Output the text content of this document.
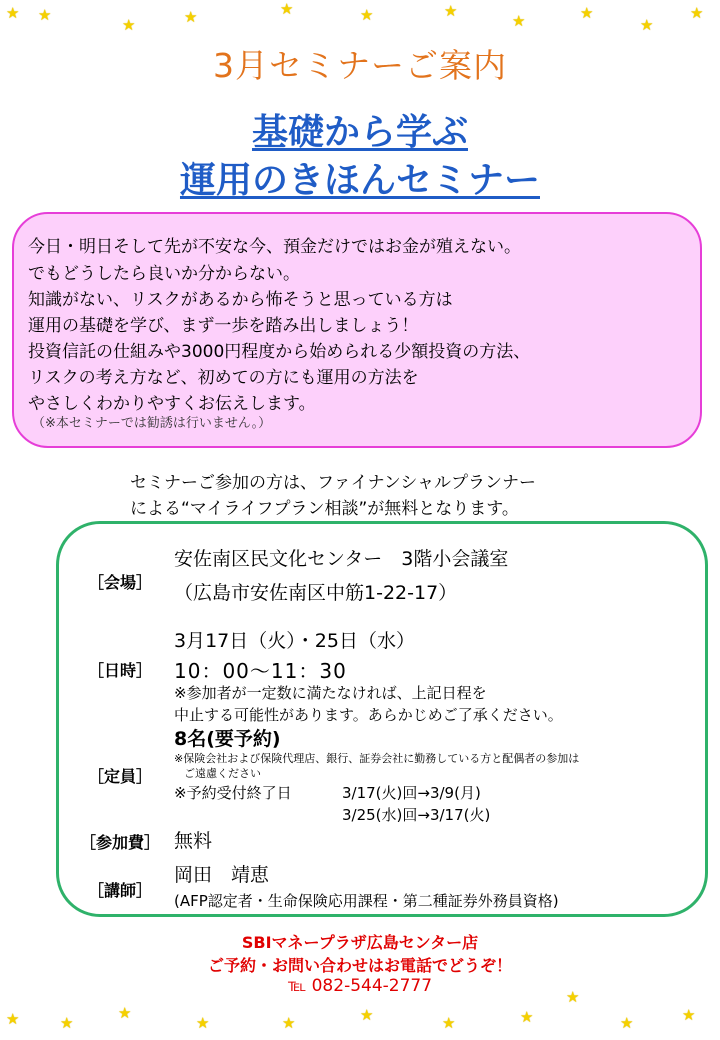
★ ★
★	★	★	★	★
★	★
★
★
3月セミナーご案内
基礎から学ぶ
運用のきほんセミナー
今日・明日そして先が不安な今、預金だけではお金が殖えない。
でもどうしたら良いか分からない。
知識がない、リスクがあるから怖そうと思っている方は
運用の基礎を学び、まず一歩を踏み出しましょう！
投資信託の仕組みや3000円程度から始められる少額投資の方法、
リスクの考え方など、初めての方にも運用の方法を
やさしくわかりやすくお伝えします。
（※本セミナーでは勧誘は行いません。）
セミナーご参加の方は、ファイナンシャルプランナー
による“マイライフプラン相談”が無料となります。
［会場］
安佐南区民文化センター　3階小会議室
（広島市安佐南区中筋1-22-17）
［日時］
3月17日（火）・25日（水）
10：00～11：30
※参加者が一定数に満たなければ、上記日程を
中止する可能性があります。あらかじめご了承ください。
［定員］
8名(要予約)
※保険会社および保険代理店、銀行、証券会社に勤務している方と配偶者の参加は
ご遠慮ください
※予約受付終了日	3/17(火)回→3/9(月)
3/25(水)回→3/17(火)
［参加費］ 無料
［講師］
岡田　靖恵
(AFP認定者・生命保険応用課程・第二種証券外務員資格)
SBIマネープラザ広島センター店
ご予約・お問い合わせはお電話でどうぞ！
℡ 082-544-2777
★	★
★
★	★	★	★	★
★
★	★
